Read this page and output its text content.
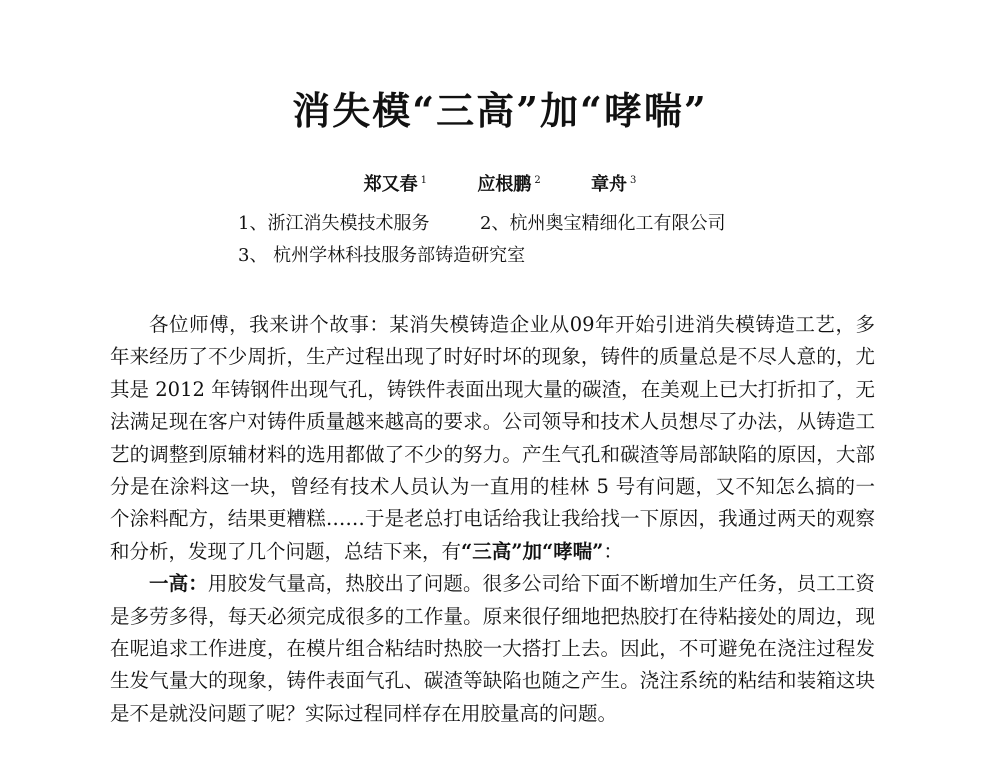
消失模“三高”加“哮喘”
郑又春 $^1$	应根鹏 $^2$	章舟 $^3$
1、浙江消失模技术服务	2、杭州奥宝精细化工有限公司
3、 杭州学林科技服务部铸造研究室

各位师傅，我来讲个故事：某消失模铸造企业从09年开始引进消失模铸造工艺，多年来经历了不少周折，生产过程出现了时好时坏的现象，铸件的质量总是不尽人意的，尤其是 2012 年铸钢件出现气孔，铸铁件表面出现大量的碳渣，在美观上已大打折扣了，无法满足现在客户对铸件质量越来越高的要求。公司领导和技术人员想尽了办法，从铸造工艺的调整到原辅材料的选用都做了不少的努力。产生气孔和碳渣等局部缺陷的原因，大部分是在涂料这一块，曾经有技术人员认为一直用的桂林 5 号有问题，又不知怎么搞的一个涂料配方，结果更糟糕……于是老总打电话给我让我给找一下原因，我通过两天的观察和分析，发现了几个问题，总结下来，有“三高”加“哮喘”：

一高：用胶发气量高，热胶出了问题。很多公司给下面不断增加生产任务，员工工资是多劳多得，每天必须完成很多的工作量。原来很仔细地把热胶打在待粘接处的周边，现在呢追求工作进度，在模片组合粘结时热胶一大搭打上去。因此，不可避免在浇注过程发生发气量大的现象，铸件表面气孔、碳渣等缺陷也随之产生。浇注系统的粘结和装箱这块是不是就没问题了呢？实际过程同样存在用胶量高的问题。
